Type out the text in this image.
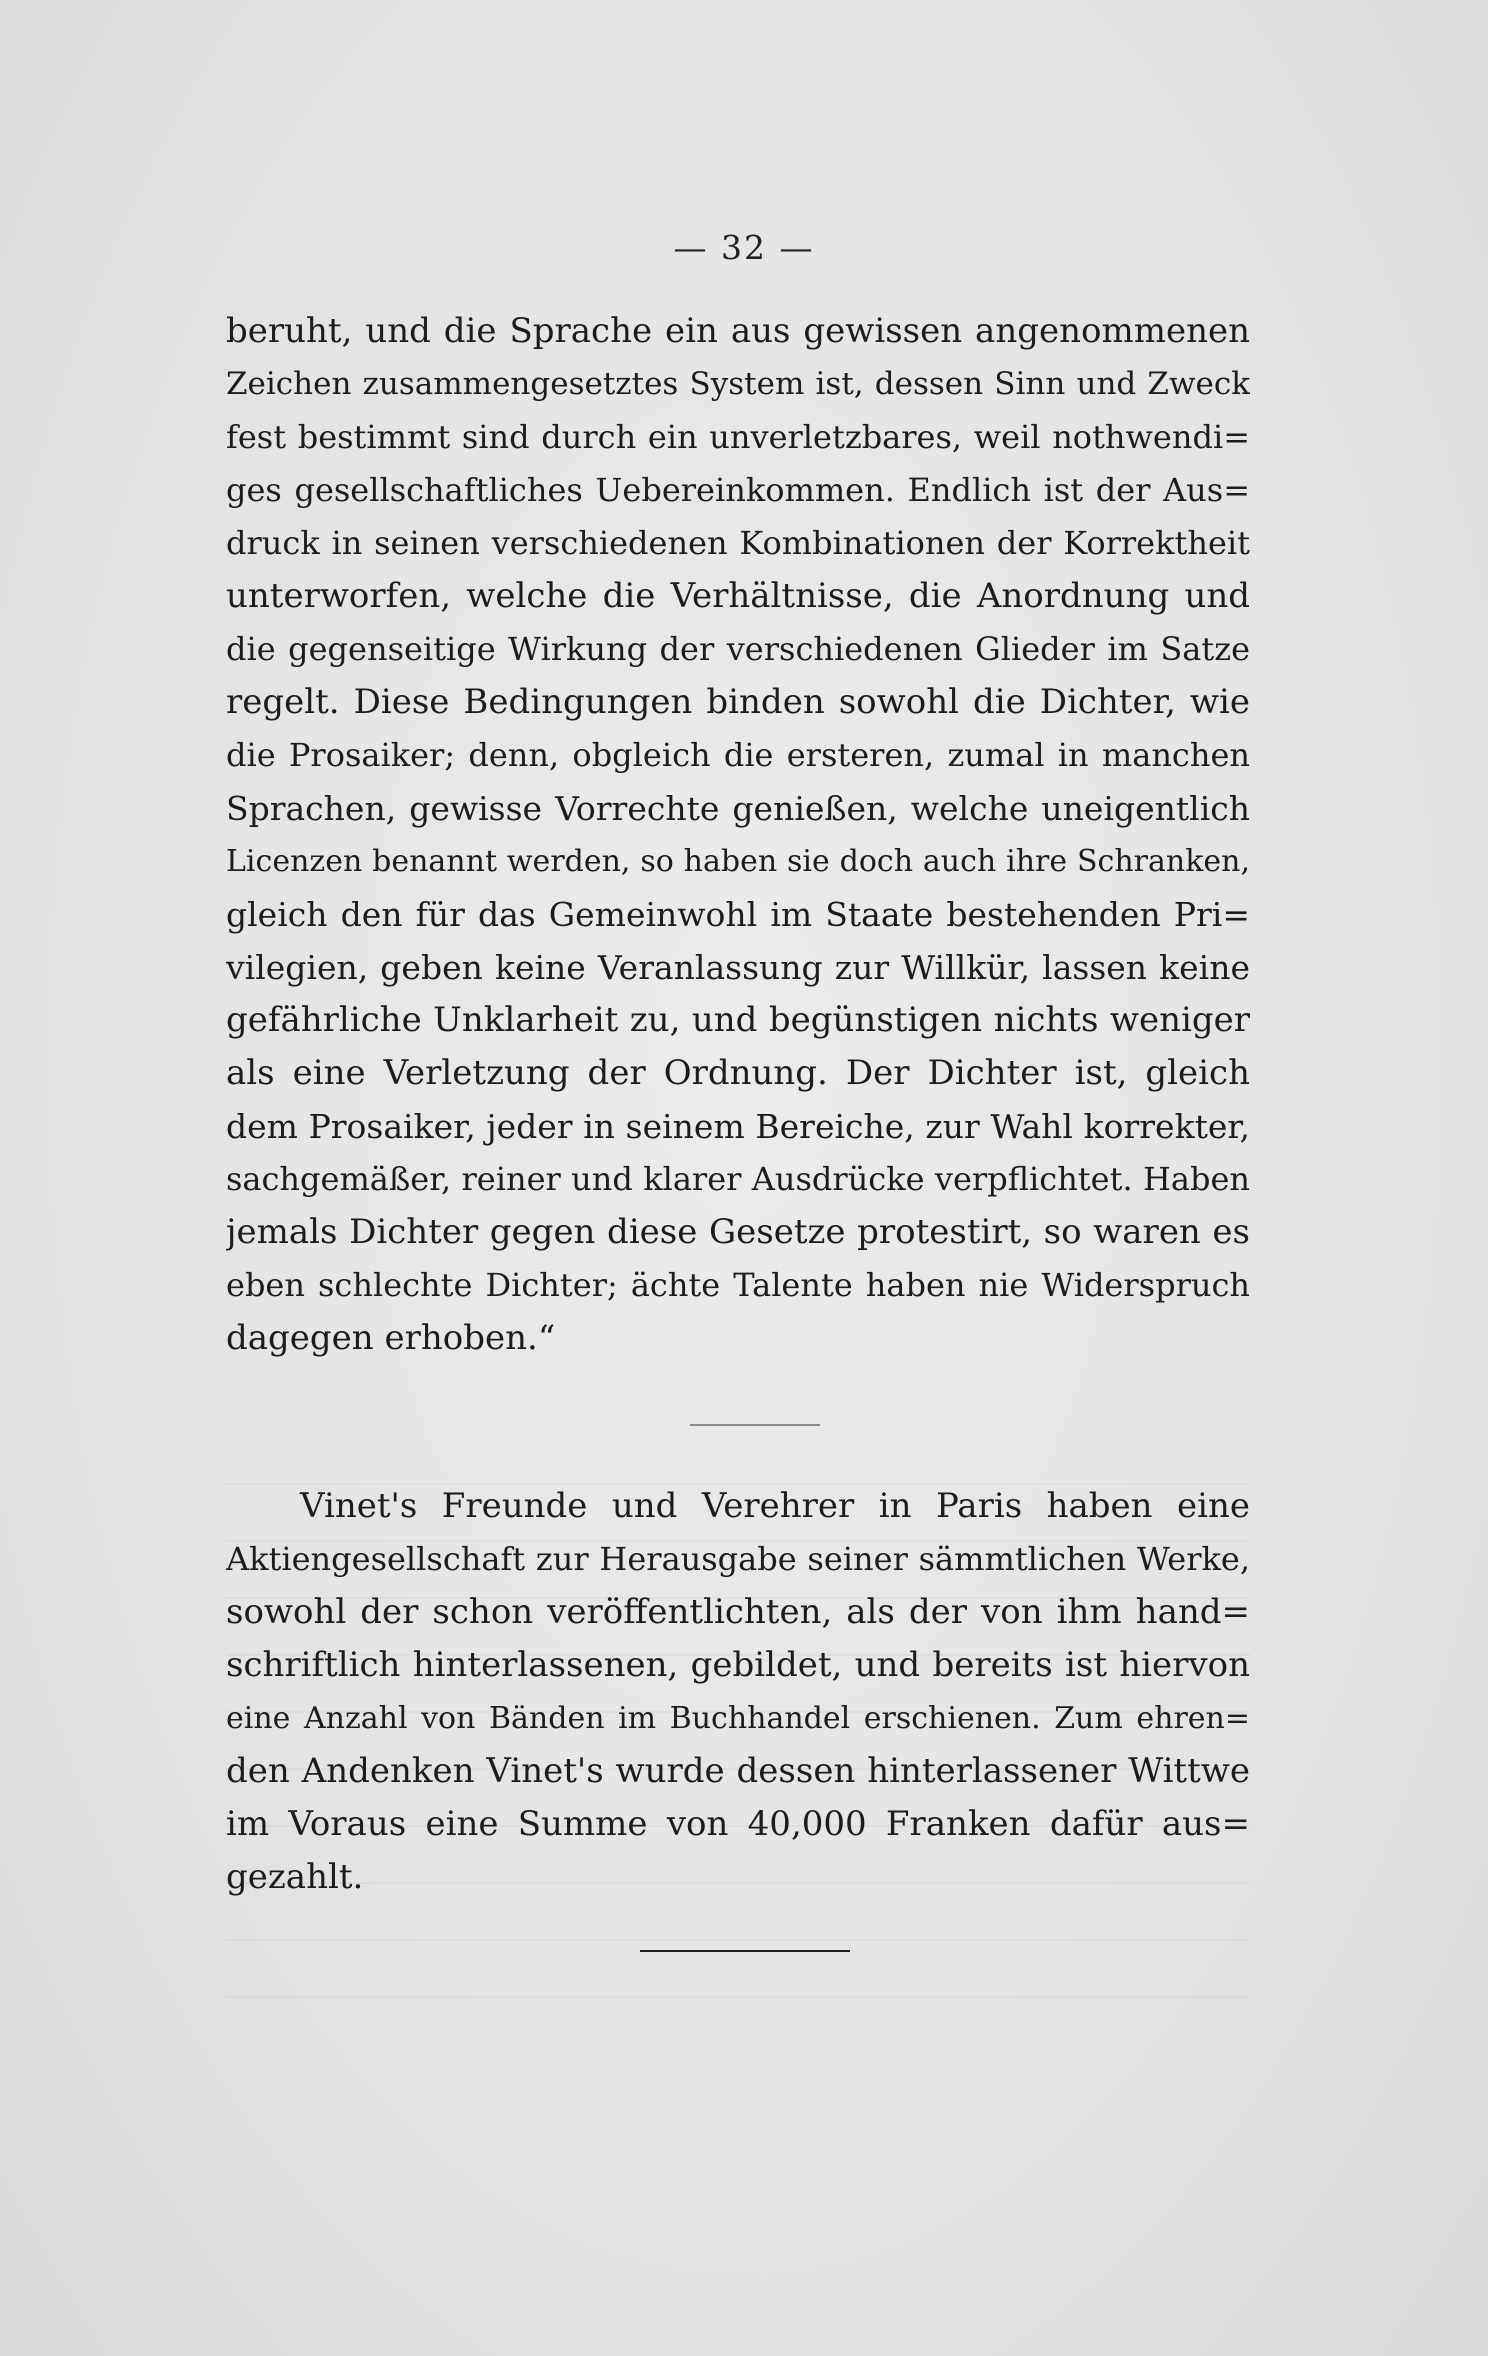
— 32 —
beruht, und die Sprache ein aus gewissen angenommenen
Zeichen zusammengesetztes System ist, dessen Sinn und Zweck
fest bestimmt sind durch ein unverletzbares, weil nothwendi=
ges gesellschaftliches Uebereinkommen. Endlich ist der Aus=
druck in seinen verschiedenen Kombinationen der Korrektheit
unterworfen, welche die Verhältnisse, die Anordnung und
die gegenseitige Wirkung der verschiedenen Glieder im Satze
regelt. Diese Bedingungen binden sowohl die Dichter, wie
die Prosaiker; denn, obgleich die ersteren, zumal in manchen
Sprachen, gewisse Vorrechte genießen, welche uneigentlich
Licenzen benannt werden, so haben sie doch auch ihre Schranken,
gleich den für das Gemeinwohl im Staate bestehenden Pri=
vilegien, geben keine Veranlassung zur Willkür, lassen keine
gefährliche Unklarheit zu, und begünstigen nichts weniger
als eine Verletzung der Ordnung. Der Dichter ist, gleich
dem Prosaiker, jeder in seinem Bereiche, zur Wahl korrekter,
sachgemäßer, reiner und klarer Ausdrücke verpflichtet. Haben
jemals Dichter gegen diese Gesetze protestirt, so waren es
eben schlechte Dichter; ächte Talente haben nie Widerspruch
dagegen erhoben.“
Vinet's Freunde und Verehrer in Paris haben eine
Aktiengesellschaft zur Herausgabe seiner sämmtlichen Werke,
sowohl der schon veröffentlichten, als der von ihm hand=
schriftlich hinterlassenen, gebildet, und bereits ist hiervon
eine Anzahl von Bänden im Buchhandel erschienen. Zum ehren=
den Andenken Vinet's wurde dessen hinterlassener Wittwe
im Voraus eine Summe von 40,000 Franken dafür aus=
gezahlt.
